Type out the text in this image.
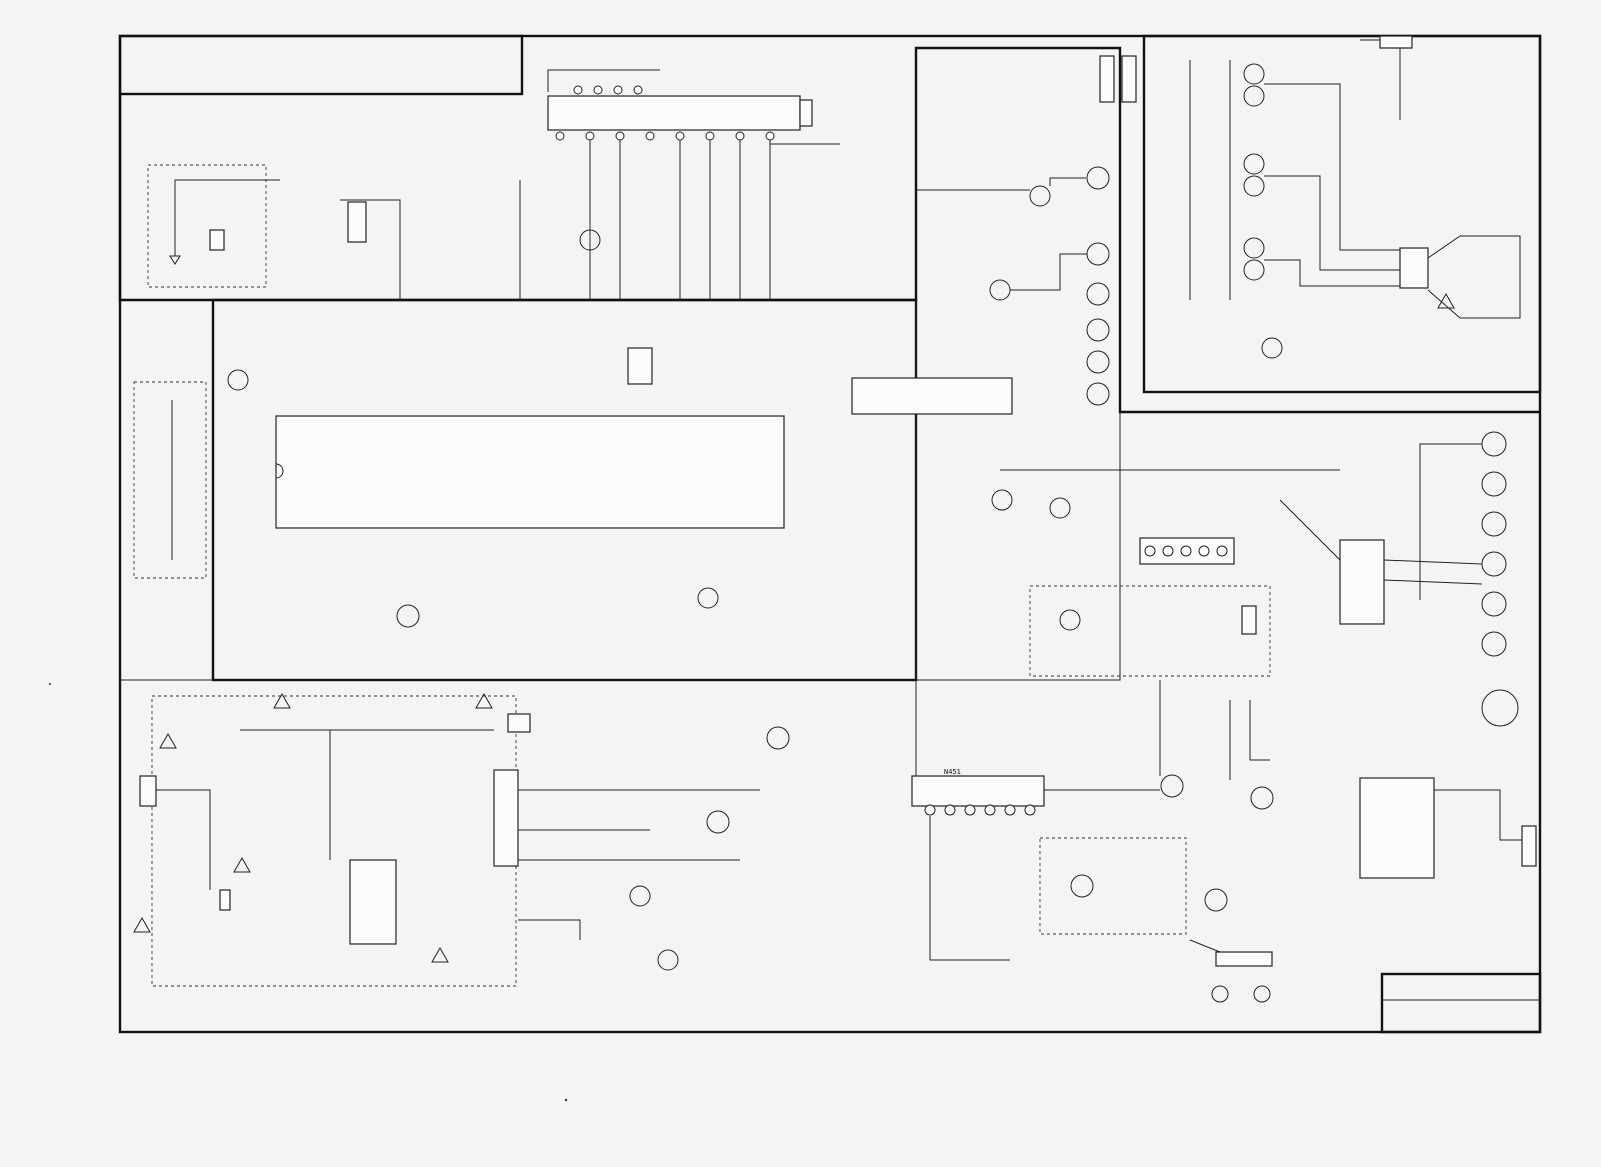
N451
